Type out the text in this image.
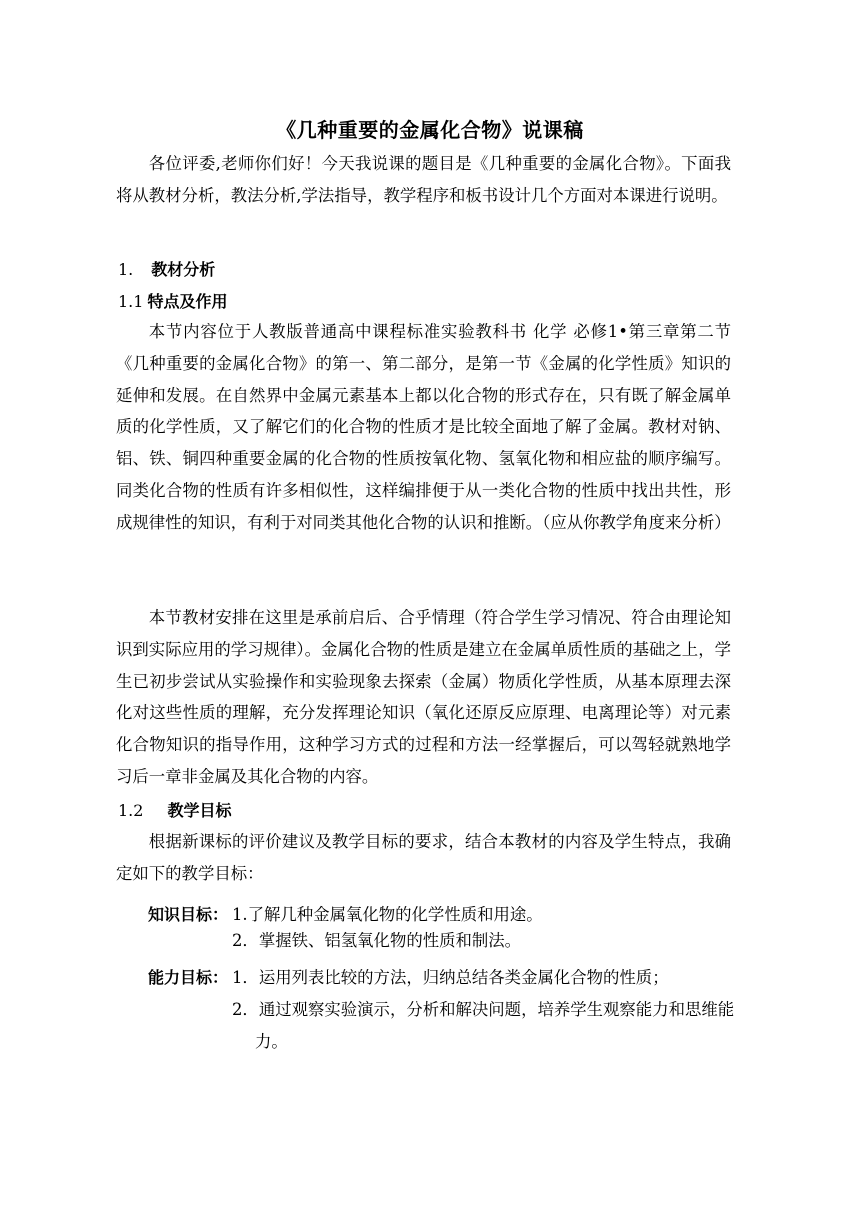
《几种重要的金属化合物》说课稿

各位评委,老师你们好！今天我说课的题目是《几种重要的金属化合物》。下面我将从教材分析，教法分析,学法指导，教学程序和板书设计几个方面对本课进行说明。

1. 教材分析
1.1 特点及作用

本节内容位于人教版普通高中课程标准实验教科书 化学 必修1•第三章第二节 《几种重要的金属化合物》的第一、第二部分，是第一节《金属的化学性质》知识的延伸和发展。在自然界中金属元素基本上都以化合物的形式存在，只有既了解金属单质的化学性质，又了解它们的化合物的性质才是比较全面地了解了金属。教材对钠、铝、铁、铜四种重要金属的化合物的性质按氧化物、氢氧化物和相应盐的顺序编写。同类化合物的性质有许多相似性，这样编排便于从一类化合物的性质中找出共性，形成规律性的知识，有利于对同类其他化合物的认识和推断。（应从你教学角度来分析）

本节教材安排在这里是承前启后、合乎情理（符合学生学习情况、符合由理论知识到实际应用的学习规律）。金属化合物的性质是建立在金属单质性质的基础之上，学生已初步尝试从实验操作和实验现象去探索（金属）物质化学性质，从基本原理去深化对这些性质的理解，充分发挥理论知识（氧化还原反应原理、电离理论等）对元素化合物知识的指导作用，这种学习方式的过程和方法一经掌握后，可以驾轻就熟地学习后一章非金属及其化合物的内容。

1.2 教学目标

根据新课标的评价建议及教学目标的要求，结合本教材的内容及学生特点，我确定如下的教学目标：

知识目标： 1.了解几种金属氧化物的化学性质和用途。

2．掌握铁、铝氢氧化物的性质和制法。

能力目标： 1．运用列表比较的方法，归纳总结各类金属化合物的性质；

2．通过观察实验演示，分析和解决问题，培养学生观察能力和思维能力。
